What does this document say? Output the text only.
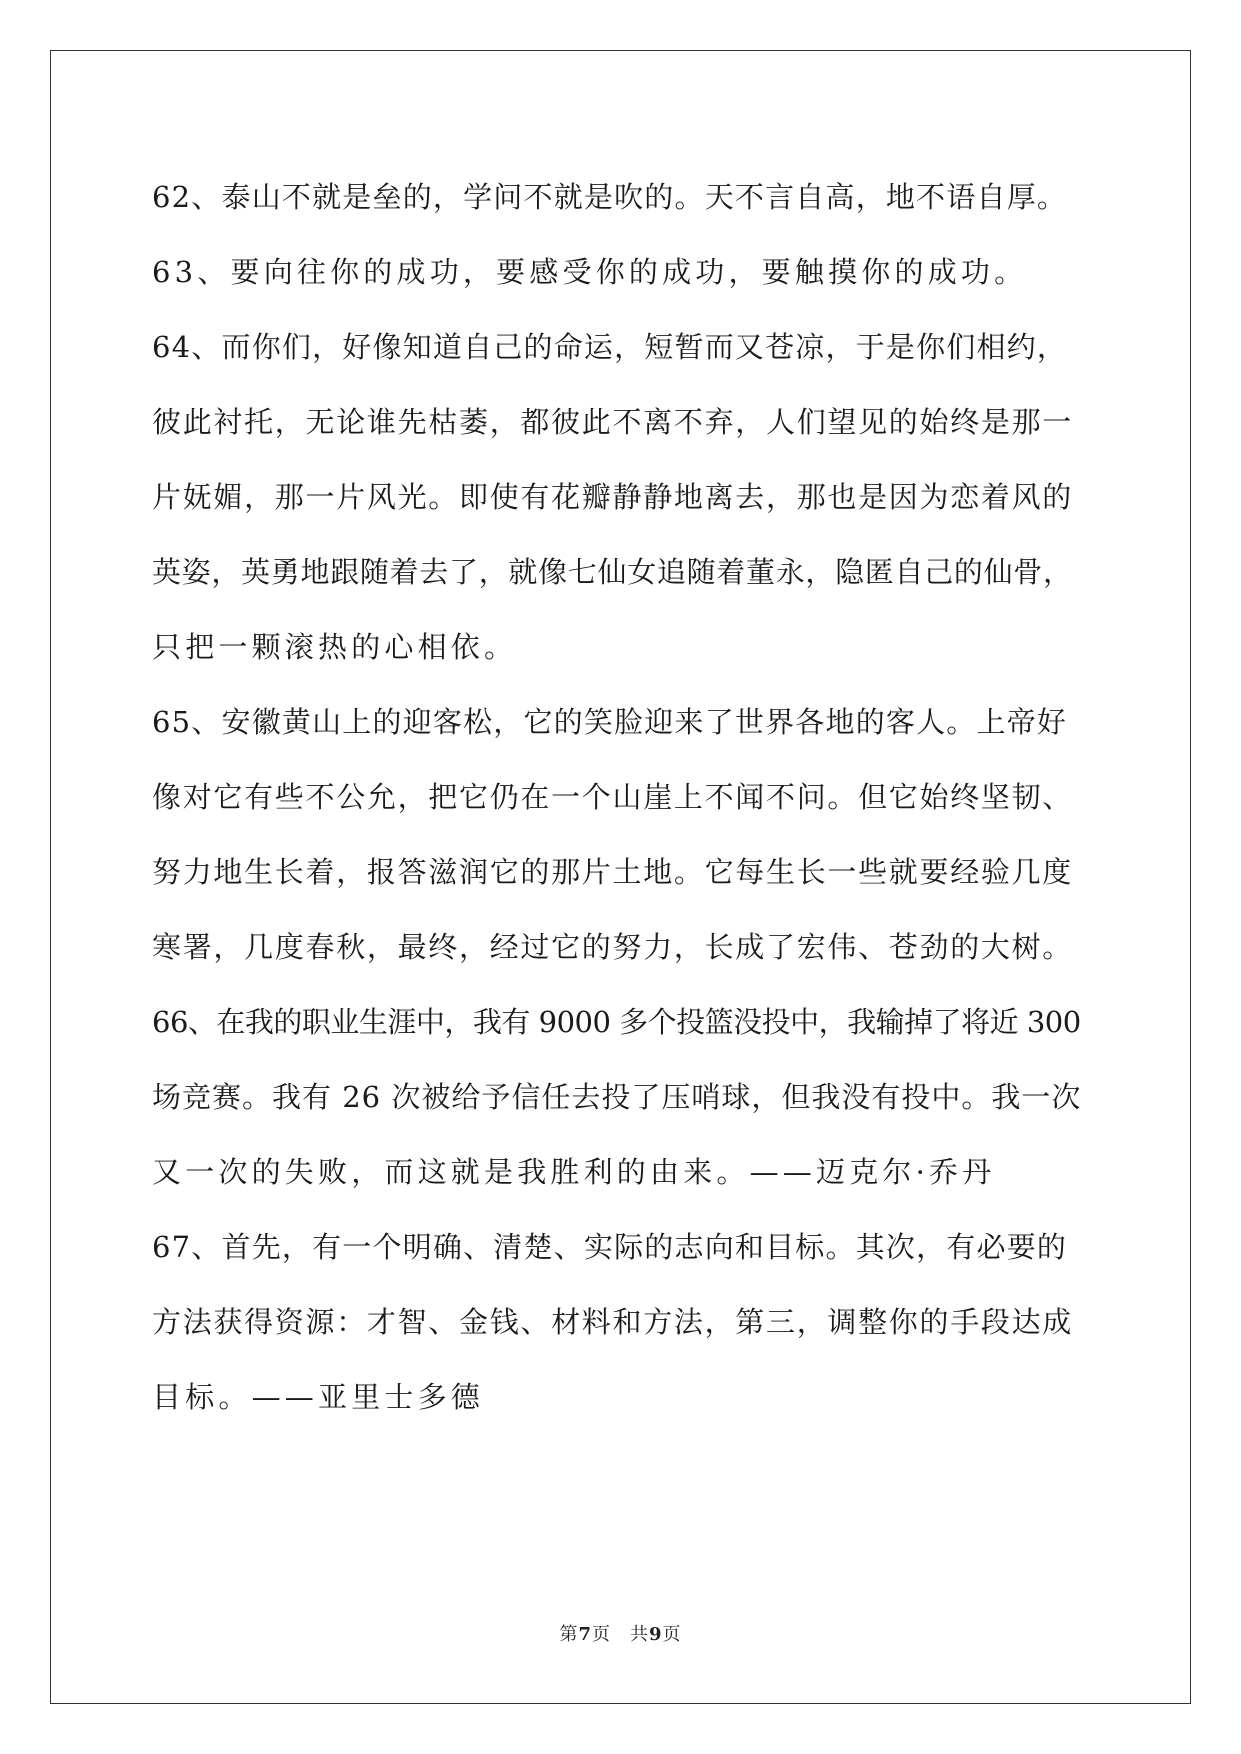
62、泰山不就是垒的，学问不就是吹的。天不言自高，地不语自厚。

63、要向往你的成功，要感受你的成功，要触摸你的成功。

64、而你们，好像知道自己的命运，短暂而又苍凉，于是你们相约，

彼此衬托，无论谁先枯萎，都彼此不离不弃，人们望见的始终是那一

片妩媚，那一片风光。即使有花瓣静静地离去，那也是因为恋着风的

英姿，英勇地跟随着去了，就像七仙女追随着董永，隐匿自己的仙骨，

只把一颗滚热的心相依。

65、安徽黄山上的迎客松，它的笑脸迎来了世界各地的客人。上帝好

像对它有些不公允，把它仍在一个山崖上不闻不问。但它始终坚韧、

努力地生长着，报答滋润它的那片土地。它每生长一些就要经验几度

寒署，几度春秋，最终，经过它的努力，长成了宏伟、苍劲的大树。

66、在我的职业生涯中，我有 9000 多个投篮没投中，我输掉了将近 300

场竞赛。我有 26 次被给予信任去投了压哨球，但我没有投中。我一次

又一次的失败，而这就是我胜利的由来。——迈克尔·乔丹

67、首先，有一个明确、清楚、实际的志向和目标。其次，有必要的

方法获得资源：才智、金钱、材料和方法，第三，调整你的手段达成

目标。——亚里士多德

第7页　共9页
